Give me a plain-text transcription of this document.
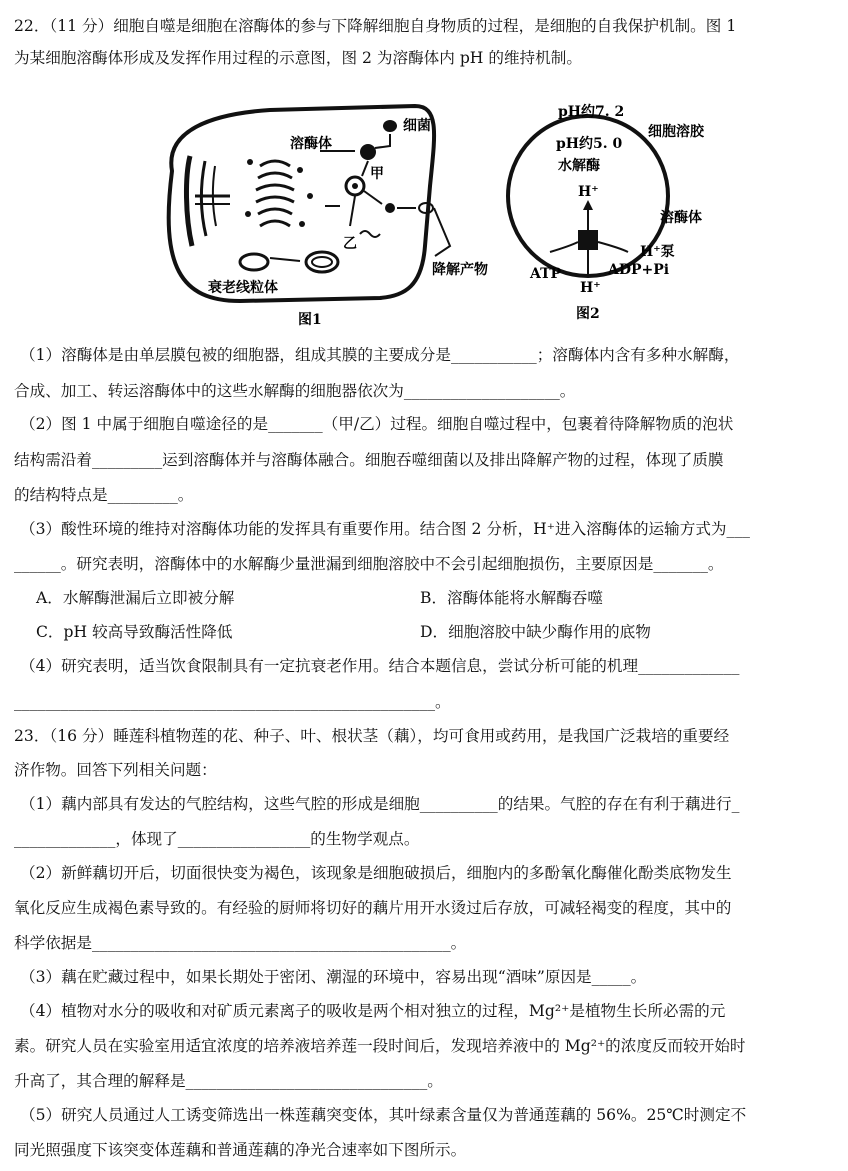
22．（11 分）细胞自噬是细胞在溶酶体的参与下降解细胞自身物质的过程，是细胞的自我保护机制。图 1
为某细胞溶酶体形成及发挥作用过程的示意图，图 2 为溶酶体内 pH 的维持机制。
溶酶体
细菌
甲
乙
降解产物
衰老线粒体
图1
pH约7. 2
细胞溶胶
pH约5. 0
水解酶
H⁺
溶酶体
H⁺泵
ATP	ADP+Pi
H⁺
图2
（1）溶酶体是由单层膜包被的细胞器，组成其膜的主要成分是___________；溶酶体内含有多种水解酶，
合成、加工、转运溶酶体中的这些水解酶的细胞器依次为____________________。
（2）图 1 中属于细胞自噬途径的是_______（甲/乙）过程。细胞自噬过程中，包裹着待降解物质的泡状
结构需沿着_________运到溶酶体并与溶酶体融合。细胞吞噬细菌以及排出降解产物的过程，体现了质膜
的结构特点是_________。
（3）酸性环境的维持对溶酶体功能的发挥具有重要作用。结合图 2 分析，H⁺进入溶酶体的运输方式为___
______。研究表明，溶酶体中的水解酶少量泄漏到细胞溶胶中不会引起细胞损伤，主要原因是_______。
A．水解酶泄漏后立即被分解	B．溶酶体能将水解酶吞噬
C．pH 较高导致酶活性降低	D．细胞溶胶中缺少酶作用的底物
（4）研究表明，适当饮食限制具有一定抗衰老作用。结合本题信息，尝试分析可能的机理_____________
______________________________________________________。
23．（16 分）睡莲科植物莲的花、种子、叶、根状茎（藕），均可食用或药用，是我国广泛栽培的重要经
济作物。回答下列相关问题：
（1）藕内部具有发达的气腔结构，这些气腔的形成是细胞__________的结果。气腔的存在有利于藕进行_
_____________，体现了_________________的生物学观点。
（2）新鲜藕切开后，切面很快变为褐色，该现象是细胞破损后，细胞内的多酚氧化酶催化酚类底物发生
氧化反应生成褐色素导致的。有经验的厨师将切好的藕片用开水烫过后存放，可减轻褐变的程度，其中的
科学依据是______________________________________________。
（3）藕在贮藏过程中，如果长期处于密闭、潮湿的环境中，容易出现“酒味”原因是_____。
（4）植物对水分的吸收和对矿质元素离子的吸收是两个相对独立的过程，Mg²⁺是植物生长所必需的元
素。研究人员在实验室用适宜浓度的培养液培养莲一段时间后，发现培养液中的 Mg²⁺的浓度反而较开始时
升高了，其合理的解释是_______________________________。
（5）研究人员通过人工诱变筛选出一株莲藕突变体，其叶绿素含量仅为普通莲藕的 56%。25℃时测定不
同光照强度下该突变体莲藕和普通莲藕的净光合速率如下图所示。
